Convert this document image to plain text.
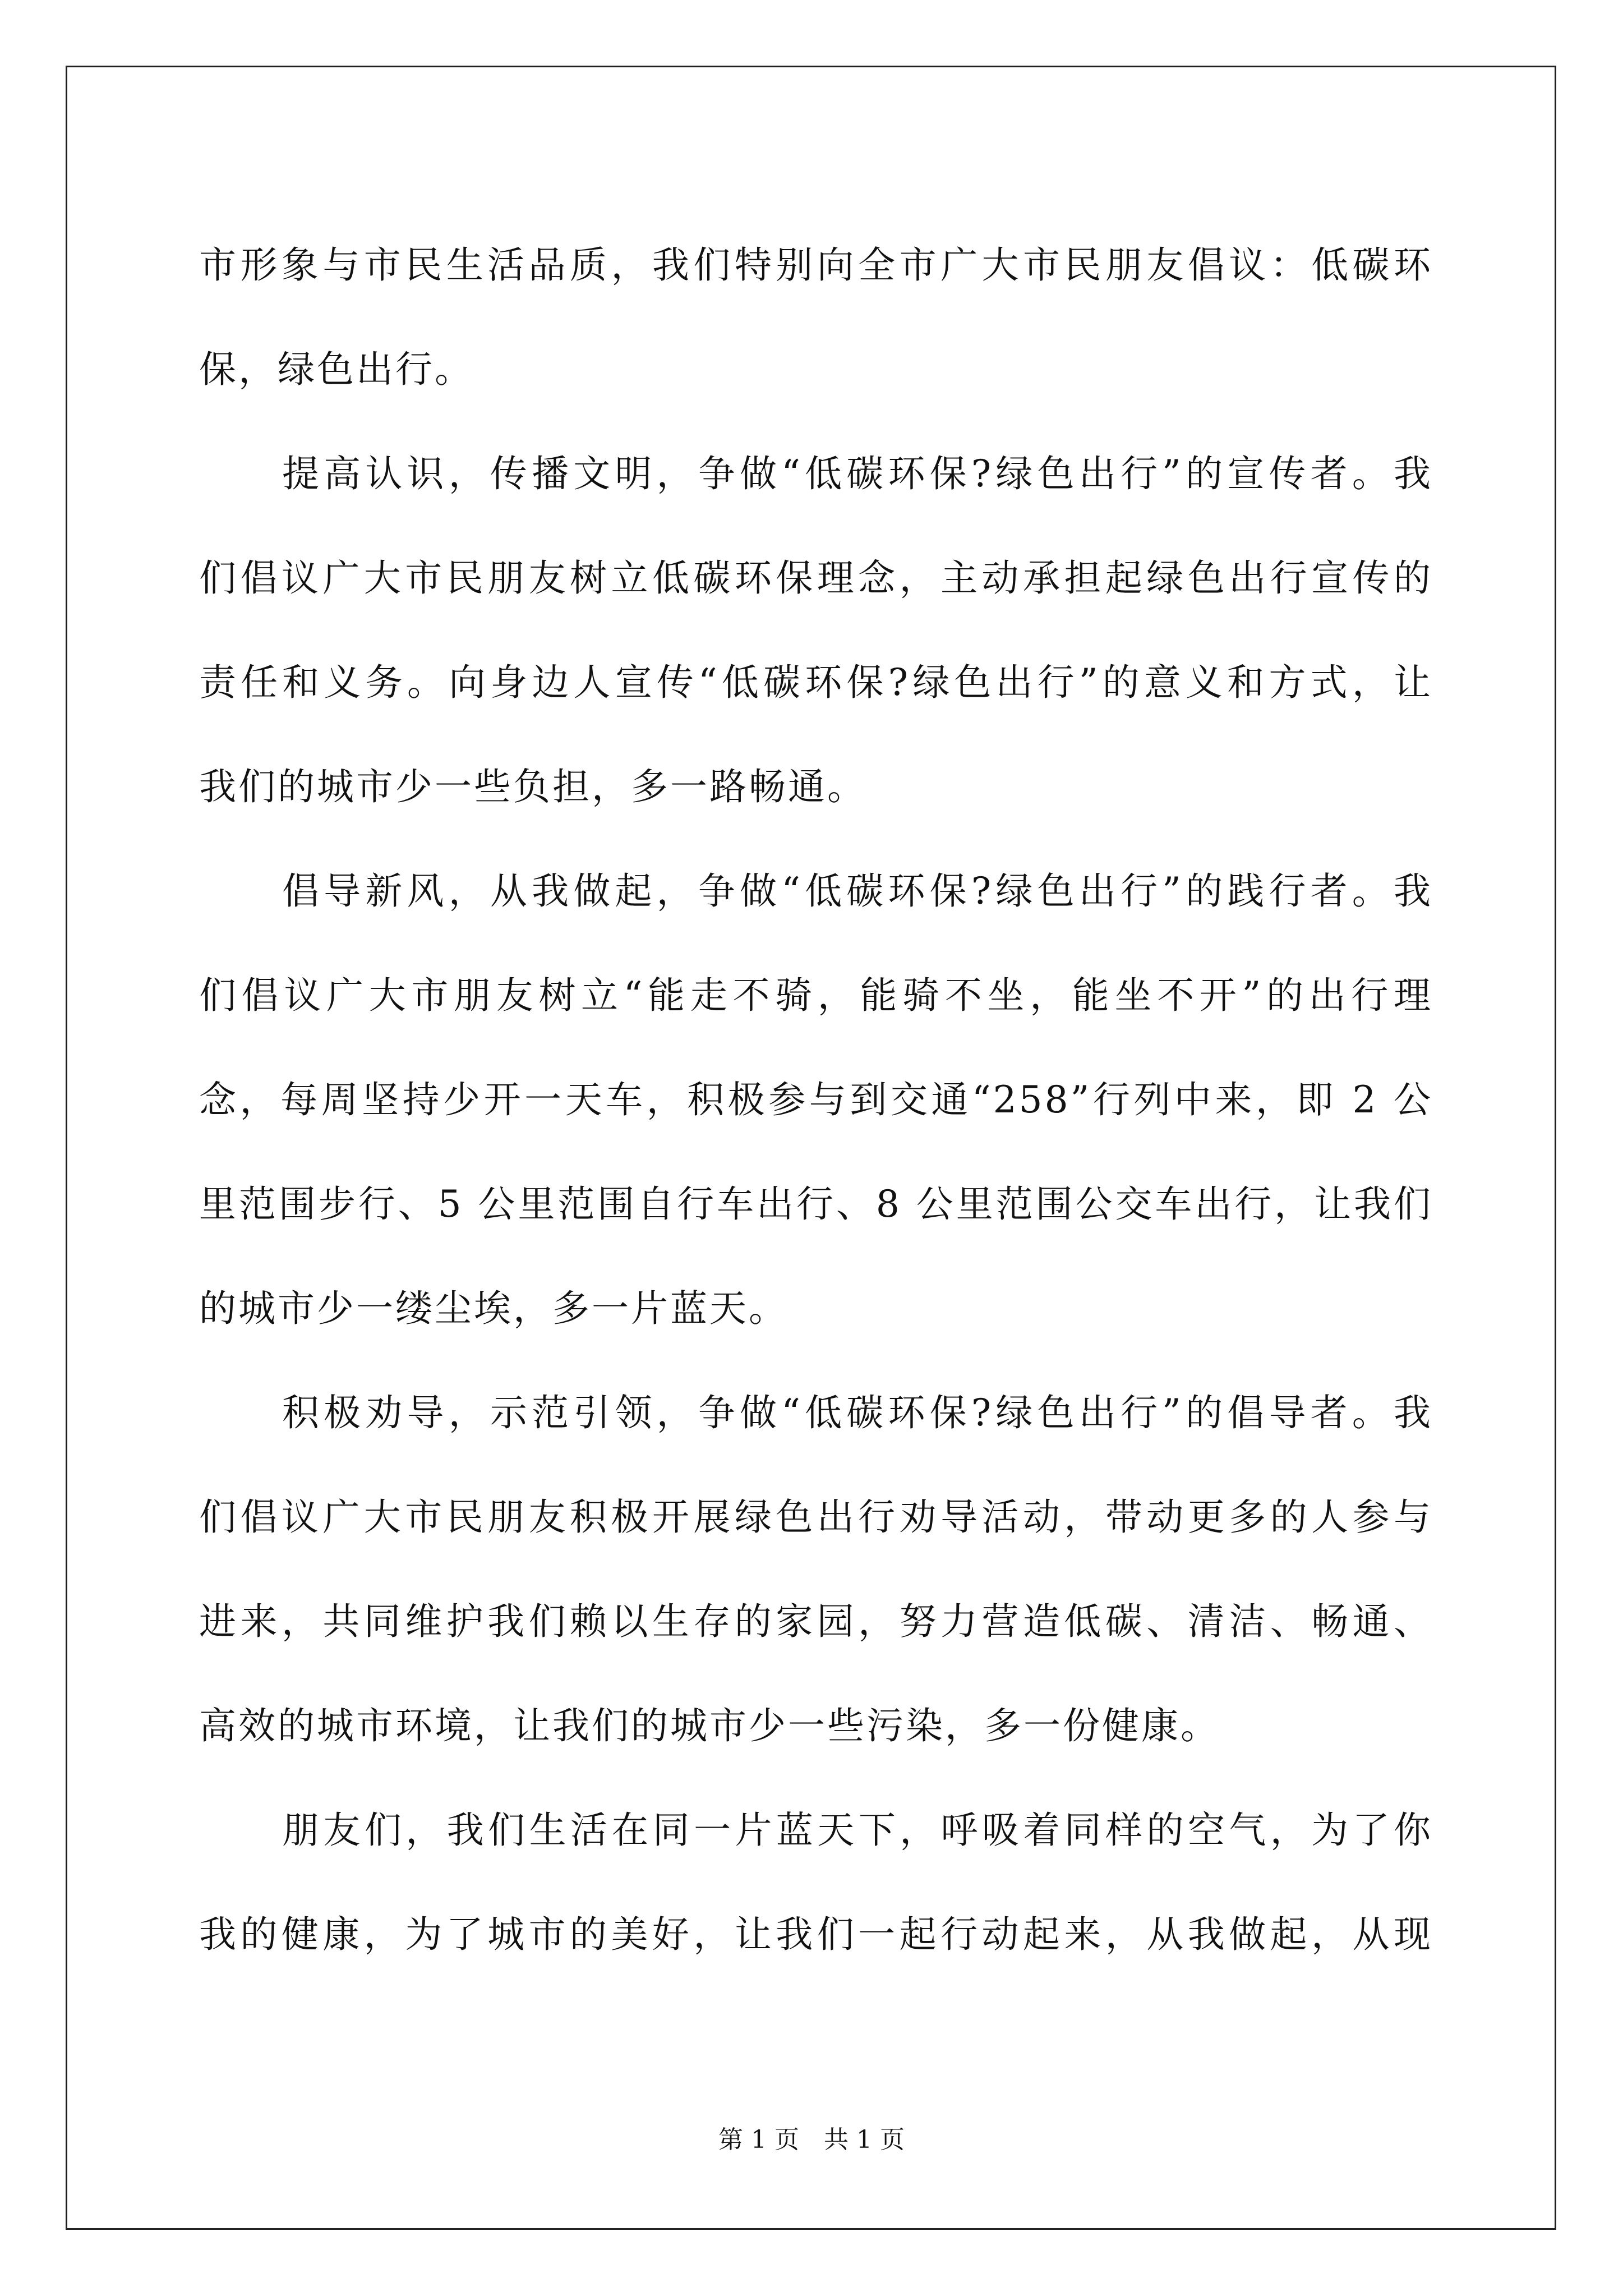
市形象与市民生活品质，我们特别向全市广大市民朋友倡议：低碳环
保，绿色出行。
提高认识，传播文明，争做“低碳环保?绿色出行”的宣传者。我
们倡议广大市民朋友树立低碳环保理念，主动承担起绿色出行宣传的
责任和义务。向身边人宣传“低碳环保?绿色出行”的意义和方式，让
我们的城市少一些负担，多一路畅通。
倡导新风，从我做起，争做“低碳环保?绿色出行”的践行者。我
们倡议广大市朋友树立“能走不骑，能骑不坐，能坐不开”的出行理
念，每周坚持少开一天车，积极参与到交通“258”行列中来，即 2 公
里范围步行、5 公里范围自行车出行、8 公里范围公交车出行，让我们
的城市少一缕尘埃，多一片蓝天。
积极劝导，示范引领，争做“低碳环保?绿色出行”的倡导者。我
们倡议广大市民朋友积极开展绿色出行劝导活动，带动更多的人参与
进来，共同维护我们赖以生存的家园，努力营造低碳、清洁、畅通、
高效的城市环境，让我们的城市少一些污染，多一份健康。
朋友们，我们生活在同一片蓝天下，呼吸着同样的空气，为了你
我的健康，为了城市的美好，让我们一起行动起来，从我做起，从现
第 1 页　共 1 页
